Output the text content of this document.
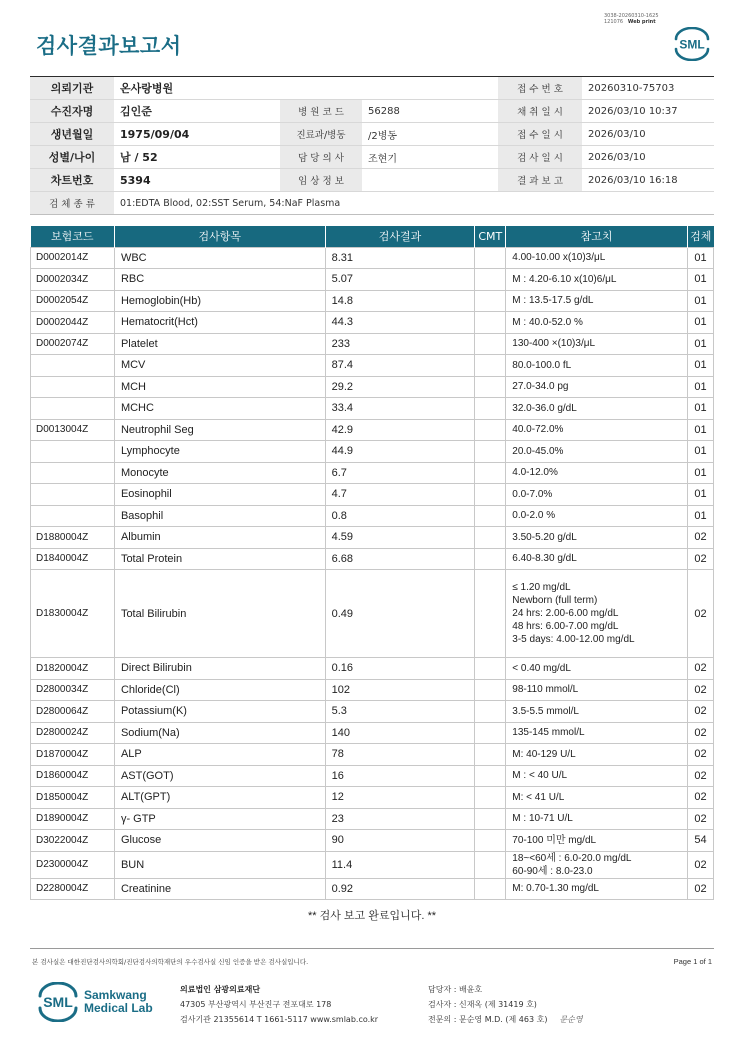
검사결과보고서
3038-20260310-1625
121076 Web print
SML
의뢰기관	온사랑병원			접 수 번 호	20260310-75703
수진자명	김인준	병 원 코 드	56288	채 취 일 시	2026/03/10 10:37
생년월일	1975/09/04	진료과/병동	/2병동	접 수 일 시	2026/03/10
성별/나이	남 / 52	담 당 의 사	조현기	검 사 일 시	2026/03/10
차트번호	5394	임 상 정 보		결 과 보 고	2026/03/10 16:18
검 체 종 류	01:EDTA Blood, 02:SST Serum, 54:NaF Plasma				
보험코드	검사항목	검사결과	CMT	참고치	검체
D0002014Z	WBC	8.31		4.00-10.00 x(10)3/μL	01
D0002034Z	RBC	5.07		M : 4.20-6.10 x(10)6/μL	01
D0002054Z	Hemoglobin(Hb)	14.8		M : 13.5-17.5 g/dL	01
D0002044Z	Hematocrit(Hct)	44.3		M : 40.0-52.0 %	01
D0002074Z	Platelet	233		130-400 ×(10)3/μL	01
	MCV	87.4		80.0-100.0 fL	01
	MCH	29.2		27.0-34.0 pg	01
	MCHC	33.4		32.0-36.0 g/dL	01
D0013004Z	Neutrophil Seg	42.9		40.0-72.0%	01
	Lymphocyte	44.9		20.0-45.0%	01
	Monocyte	6.7		4.0-12.0%	01
	Eosinophil	4.7		0.0-7.0%	01
	Basophil	0.8		0.0-2.0 %	01
D1880004Z	Albumin	4.59		3.50-5.20 g/dL	02
D1840004Z	Total Protein	6.68		6.40-8.30 g/dL	02
D1830004Z	Total Bilirubin	0.49		≤ 1.20 mg/dL
Newborn (full term)
24 hrs: 2.00-6.00 mg/dL
48 hrs: 6.00-7.00 mg/dL
3-5 days: 4.00-12.00 mg/dL	02
D1820004Z	Direct Bilirubin	0.16		< 0.40 mg/dL	02
D2800034Z	Chloride(Cl)	102		98-110 mmol/L	02
D2800064Z	Potassium(K)	5.3		3.5-5.5 mmol/L	02
D2800024Z	Sodium(Na)	140		135-145 mmol/L	02
D1870004Z	ALP	78		M: 40-129 U/L	02
D1860004Z	AST(GOT)	16		M : < 40 U/L	02
D1850004Z	ALT(GPT)	12		M: < 41 U/L	02
D1890004Z	γ- GTP	23		M : 10-71 U/L	02
D3022004Z	Glucose	90		70-100 미만 mg/dL	54
D2300004Z	BUN	11.4		18~<60세 : 6.0-20.0 mg/dL
60-90세 : 8.0-23.0	02
D2280004Z	Creatinine	0.92		M: 0.70-1.30 mg/dL	02
** 검사 보고 완료입니다. **
본 검사실은 대한진단검사의학회/진단검사의학재단의 우수검사실 신임 인증을 받은 검사실입니다.	Page 1 of 1
SML Samkwang
Medical Lab
의료법인 삼광의료재단
47305 부산광역시 부산진구 전포대로 178
검사기관 21355614 T 1661-5117 www.smlab.co.kr
담당자 : 배윤호
검사자 : 신재옥 (제 31419 호)
전문의 : 문순영 M.D. (제 463 호) 문순영
